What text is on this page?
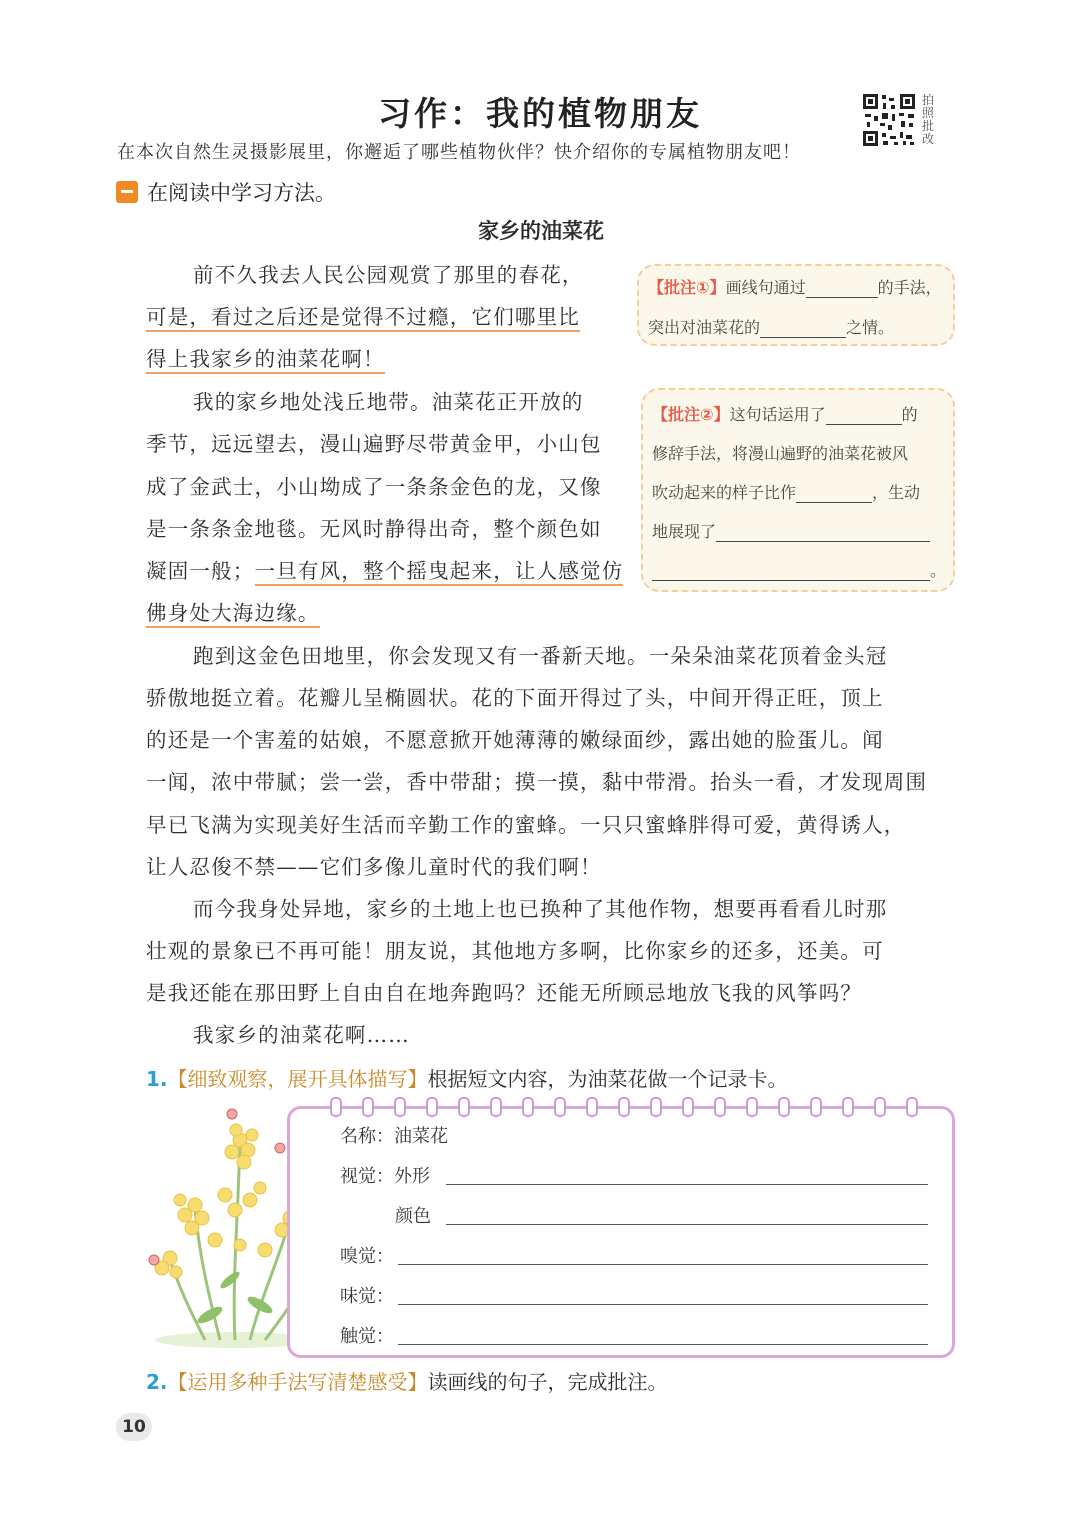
习作：我的植物朋友	拍照批改
在本次自然生灵摄影展里，你邂逅了哪些植物伙伴？快介绍你的专属植物朋友吧！
在阅读中学习方法。
家乡的油菜花
前不久我去人民公园观赏了那里的春花，
可是，看过之后还是觉得不过瘾，它们哪里比
得上我家乡的油菜花啊！
【批注①】画线句通过	的手法，
突出对油菜花的	之情。
我的家乡地处浅丘地带。油菜花正开放的
季节，远远望去，漫山遍野尽带黄金甲，小山包
成了金武士，小山坳成了一条条金色的龙，又像
是一条条金地毯。无风时静得出奇，整个颜色如
凝固一般；一旦有风，整个摇曳起来，让人感觉仿
佛身处大海边缘。
【批注②】这句话运用了	的
修辞手法，将漫山遍野的油菜花被风
吹动起来的样子比作	，生动
地展现了
。
跑到这金色田地里，你会发现又有一番新天地。一朵朵油菜花顶着金头冠
骄傲地挺立着。花瓣儿呈椭圆状。花的下面开得过了头，中间开得正旺，顶上
的还是一个害羞的姑娘，不愿意掀开她薄薄的嫩绿面纱，露出她的脸蛋儿。闻
一闻，浓中带腻；尝一尝，香中带甜；摸一摸，黏中带滑。抬头一看，才发现周围
早已飞满为实现美好生活而辛勤工作的蜜蜂。一只只蜜蜂胖得可爱，黄得诱人，
让人忍俊不禁——它们多像儿童时代的我们啊！
而今我身处异地，家乡的土地上也已换种了其他作物，想要再看看儿时那
壮观的景象已不再可能！朋友说，其他地方多啊，比你家乡的还多，还美。可
是我还能在那田野上自由自在地奔跑吗？还能无所顾忌地放飞我的风筝吗？
我家乡的油菜花啊……
1.【细致观察，展开具体描写】根据短文内容，为油菜花做一个记录卡。
名称：油菜花
视觉：外形
颜色
嗅觉：
味觉：
触觉：
2.【运用多种手法写清楚感受】读画线的句子，完成批注。
10
